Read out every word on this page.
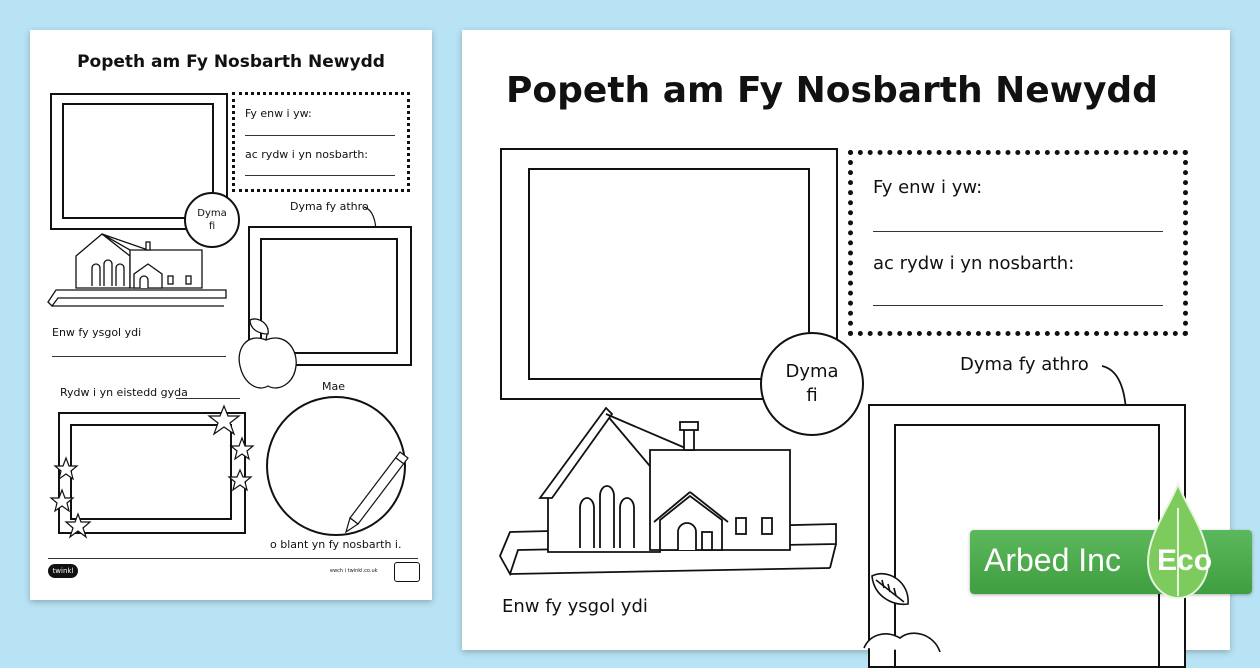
Popeth am Fy Nosbarth Newydd
Fy enw i yw:
ac rydw i yn nosbarth:
Dyma
fi
Dyma fy athro
Enw fy ysgol ydi
Rydw i yn eistedd gyda	Mae
o blant yn fy nosbarth i.
twinkl	ewch i twinkl.co.uk
Popeth am Fy Nosbarth Newydd
Fy enw i yw:
ac rydw i yn nosbarth:
Dyma
fi
Dyma fy athro
Enw fy ysgol ydi
Arbed Inc Eco
